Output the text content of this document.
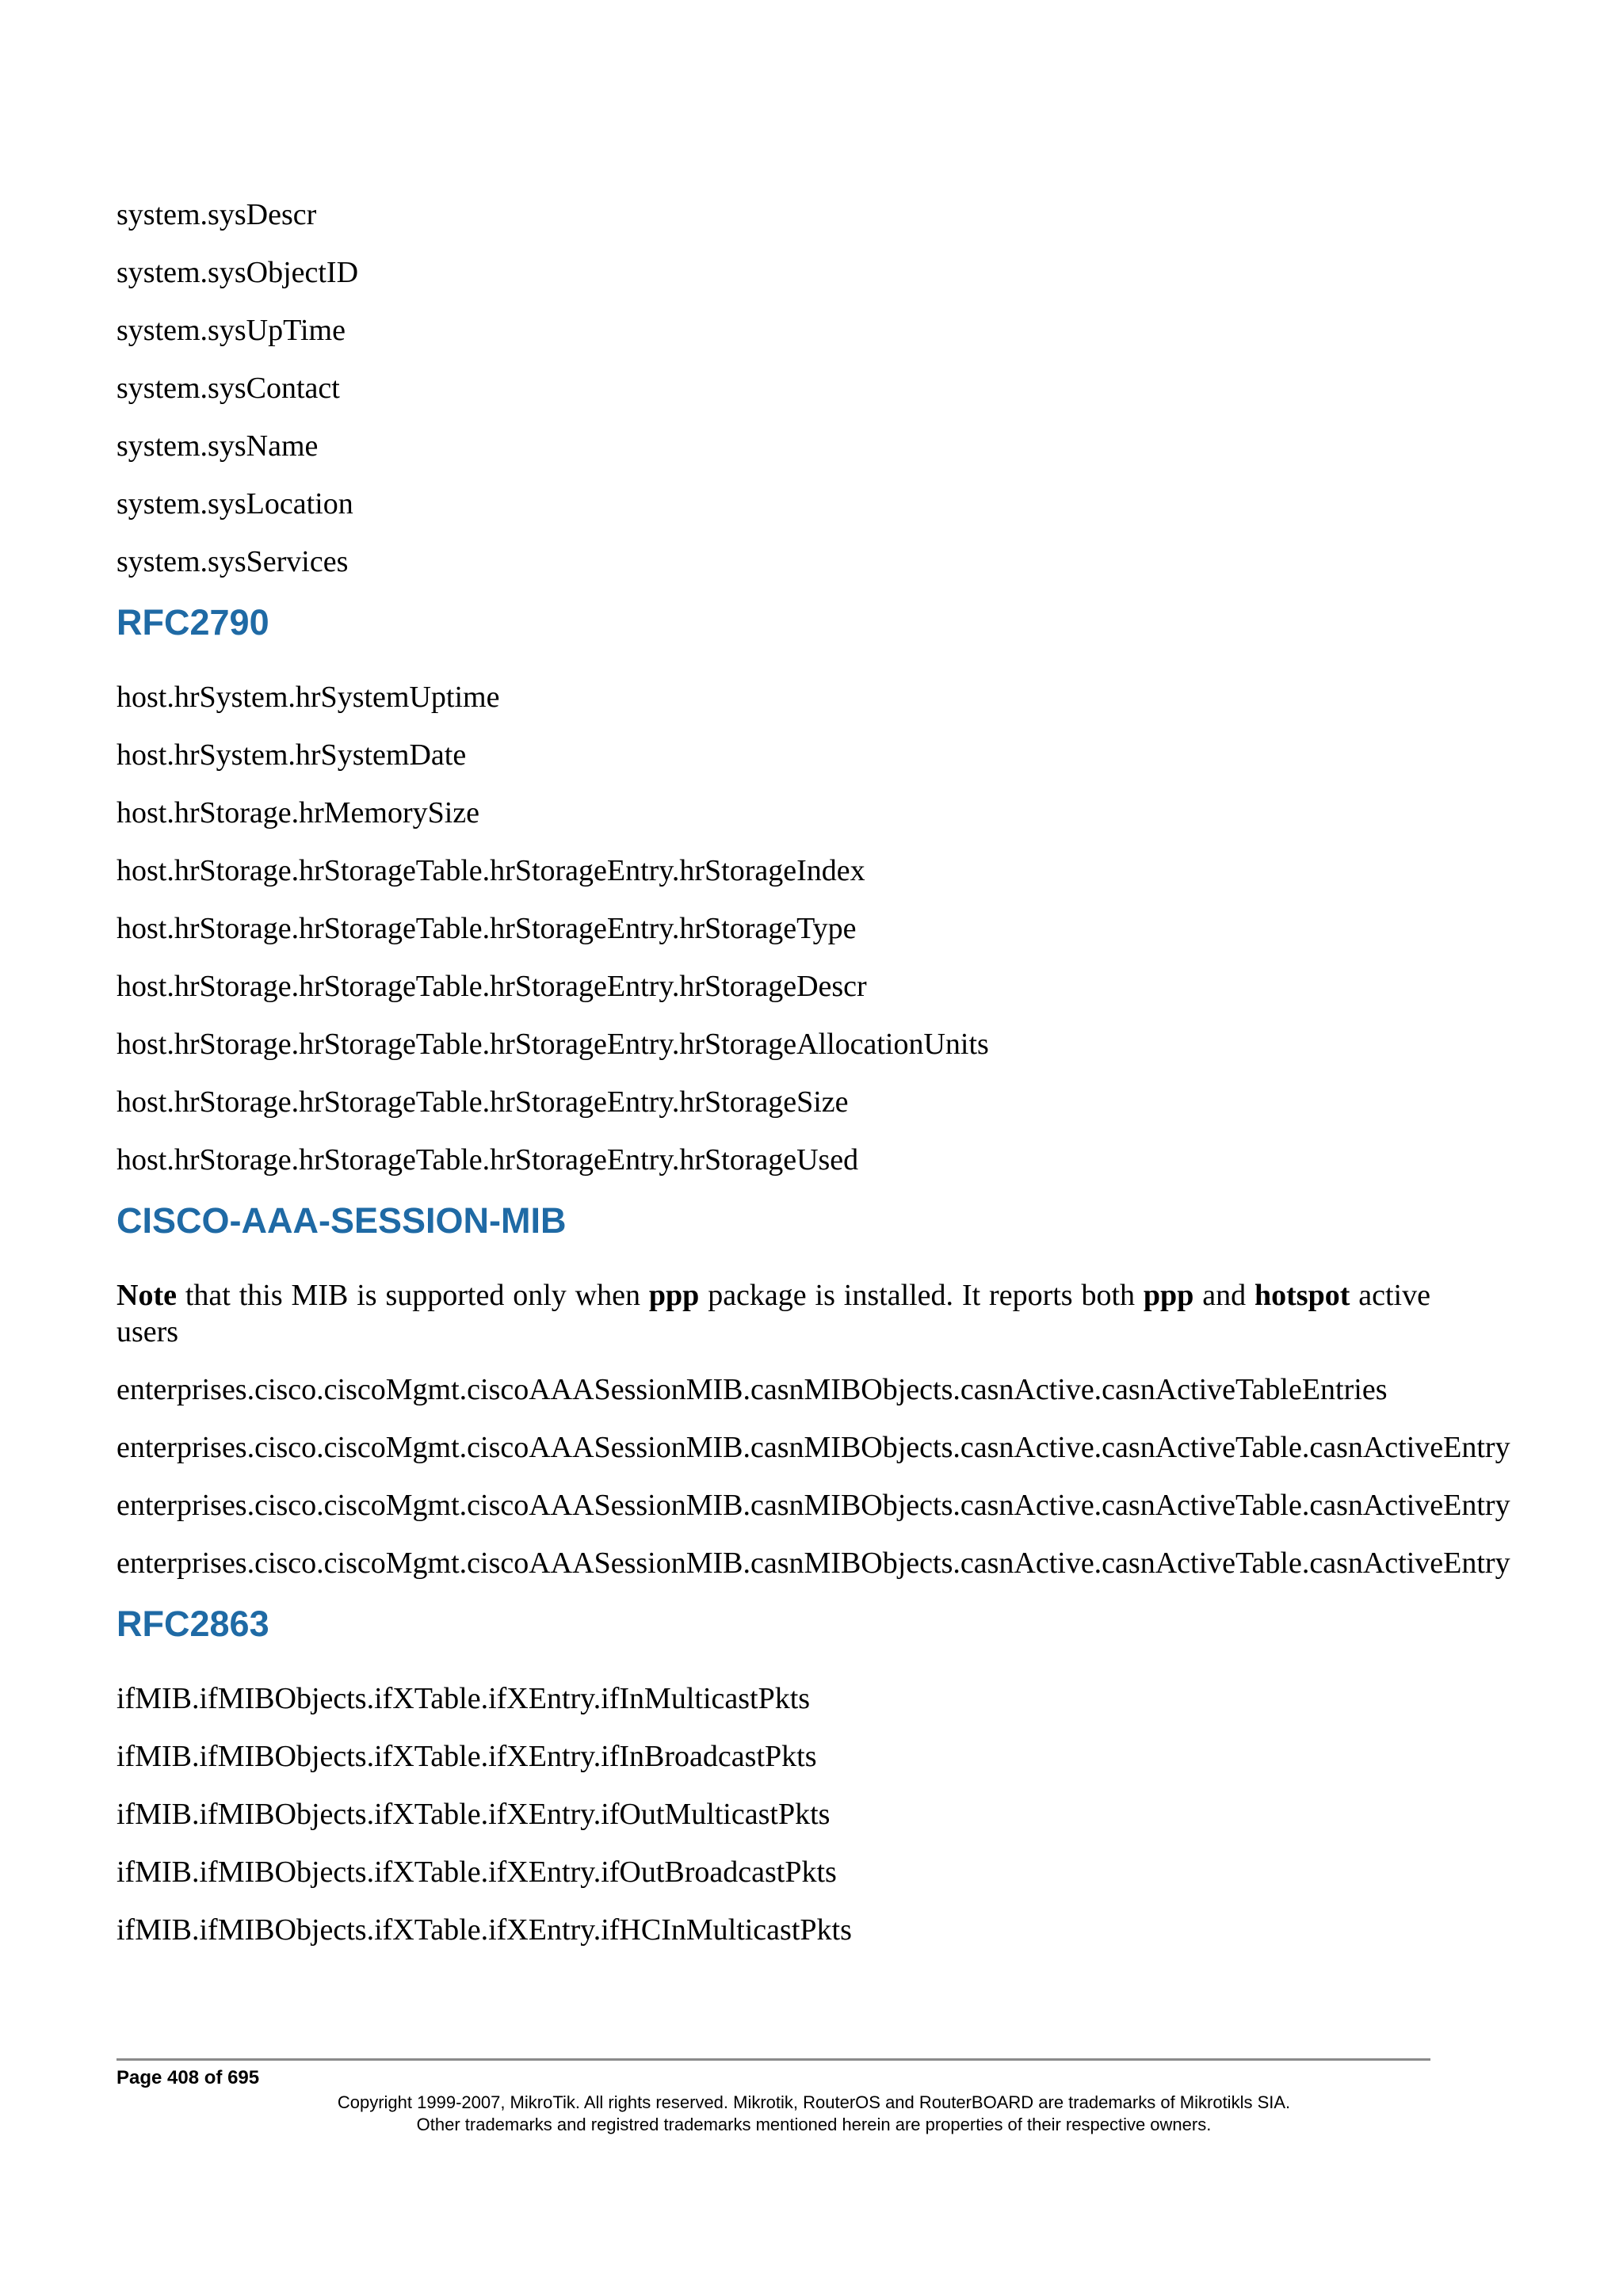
system.sysDescr
system.sysObjectID
system.sysUpTime
system.sysContact
system.sysName
system.sysLocation
system.sysServices
RFC2790
host.hrSystem.hrSystemUptime
host.hrSystem.hrSystemDate
host.hrStorage.hrMemorySize
host.hrStorage.hrStorageTable.hrStorageEntry.hrStorageIndex
host.hrStorage.hrStorageTable.hrStorageEntry.hrStorageType
host.hrStorage.hrStorageTable.hrStorageEntry.hrStorageDescr
host.hrStorage.hrStorageTable.hrStorageEntry.hrStorageAllocationUnits
host.hrStorage.hrStorageTable.hrStorageEntry.hrStorageSize
host.hrStorage.hrStorageTable.hrStorageEntry.hrStorageUsed
CISCO-AAA-SESSION-MIB
Note that this MIB is supported only when ppp package is installed. It reports both ppp and hotspot active users
enterprises.cisco.ciscoMgmt.ciscoAAASessionMIB.casnMIBObjects.casnActive.casnActiveTableEntries
enterprises.cisco.ciscoMgmt.ciscoAAASessionMIB.casnMIBObjects.casnActive.casnActiveTable.casnActiveEntry
enterprises.cisco.ciscoMgmt.ciscoAAASessionMIB.casnMIBObjects.casnActive.casnActiveTable.casnActiveEntry
enterprises.cisco.ciscoMgmt.ciscoAAASessionMIB.casnMIBObjects.casnActive.casnActiveTable.casnActiveEntry
RFC2863
ifMIB.ifMIBObjects.ifXTable.ifXEntry.ifInMulticastPkts
ifMIB.ifMIBObjects.ifXTable.ifXEntry.ifInBroadcastPkts
ifMIB.ifMIBObjects.ifXTable.ifXEntry.ifOutMulticastPkts
ifMIB.ifMIBObjects.ifXTable.ifXEntry.ifOutBroadcastPkts
ifMIB.ifMIBObjects.ifXTable.ifXEntry.ifHCInMulticastPkts
Page 408 of 695
Copyright 1999-2007, MikroTik. All rights reserved. Mikrotik, RouterOS and RouterBOARD are trademarks of Mikrotikls SIA.
Other trademarks and registred trademarks mentioned herein are properties of their respective owners.
